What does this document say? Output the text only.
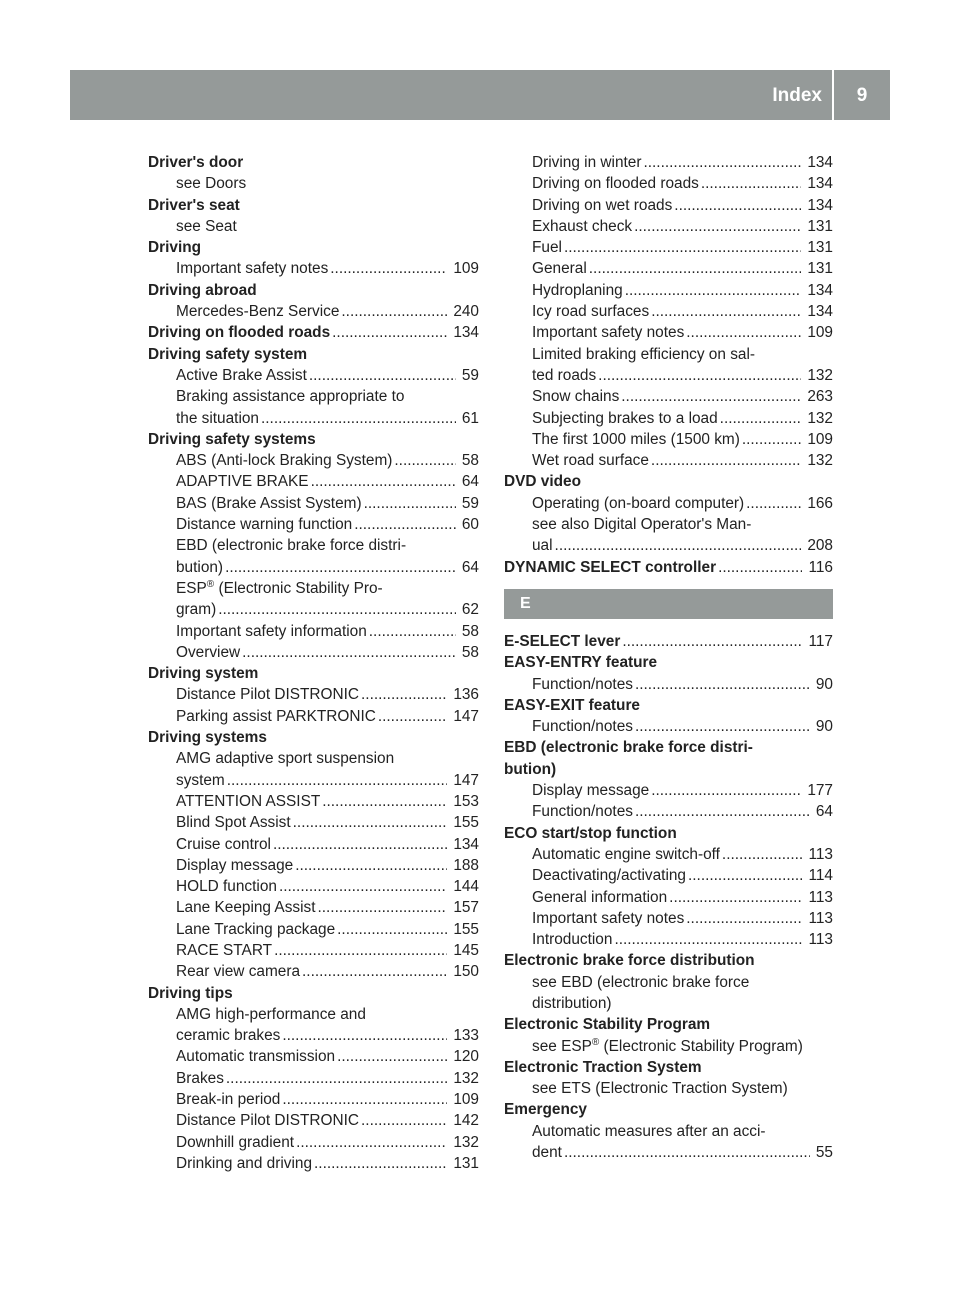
Index	9
Driver's door
see Doors
Driver's seat
see Seat
Driving
Important safety notes .....	109
Driving abroad
Mercedes-Benz Service .....	240
Driving on flooded roads .....	134
Driving safety system
Active Brake Assist .....	59
Braking assistance appropriate to
the situation .....	61
Driving safety systems
ABS (Anti-lock Braking System) .....	58
ADAPTIVE BRAKE .....	64
BAS (Brake Assist System) .....	59
Distance warning function .....	60
EBD (electronic brake force distri-
bution) .....	64
ESP® (Electronic Stability Pro-
gram) .....	62
Important safety information .....	58
Overview .....	58
Driving system
Distance Pilot DISTRONIC .....	136
Parking assist PARKTRONIC .....	147
Driving systems
AMG adaptive sport suspension
system .....	147
ATTENTION ASSIST .....	153
Blind Spot Assist .....	155
Cruise control .....	134
Display message .....	188
HOLD function .....	144
Lane Keeping Assist .....	157
Lane Tracking package .....	155
RACE START .....	145
Rear view camera .....	150
Driving tips
AMG high-performance and
ceramic brakes .....	133
Automatic transmission .....	120
Brakes .....	132
Break-in period .....	109
Distance Pilot DISTRONIC .....	142
Downhill gradient .....	132
Drinking and driving .....	131
Driving in winter .....	134
Driving on flooded roads .....	134
Driving on wet roads .....	134
Exhaust check .....	131
Fuel .....	131
General .....	131
Hydroplaning .....	134
Icy road surfaces .....	134
Important safety notes .....	109
Limited braking efficiency on sal-
ted roads .....	132
Snow chains .....	263
Subjecting brakes to a load .....	132
The first 1000 miles (1500 km) .....	109
Wet road surface .....	132
DVD video
Operating (on-board computer) .....	166
see also Digital Operator's Man-
ual .....	208
DYNAMIC SELECT controller .....	116
E
E-SELECT lever .....	117
EASY-ENTRY feature
Function/notes .....	90
EASY-EXIT feature
Function/notes .....	90
EBD (electronic brake force distri-
bution)
Display message .....	177
Function/notes .....	64
ECO start/stop function
Automatic engine switch-off .....	113
Deactivating/activating .....	114
General information .....	113
Important safety notes .....	113
Introduction .....	113
Electronic brake force distribution
see EBD (electronic brake force
distribution)
Electronic Stability Program
see ESP® (Electronic Stability Program)
Electronic Traction System
see ETS (Electronic Traction System)
Emergency
Automatic measures after an acci-
dent .....	55
